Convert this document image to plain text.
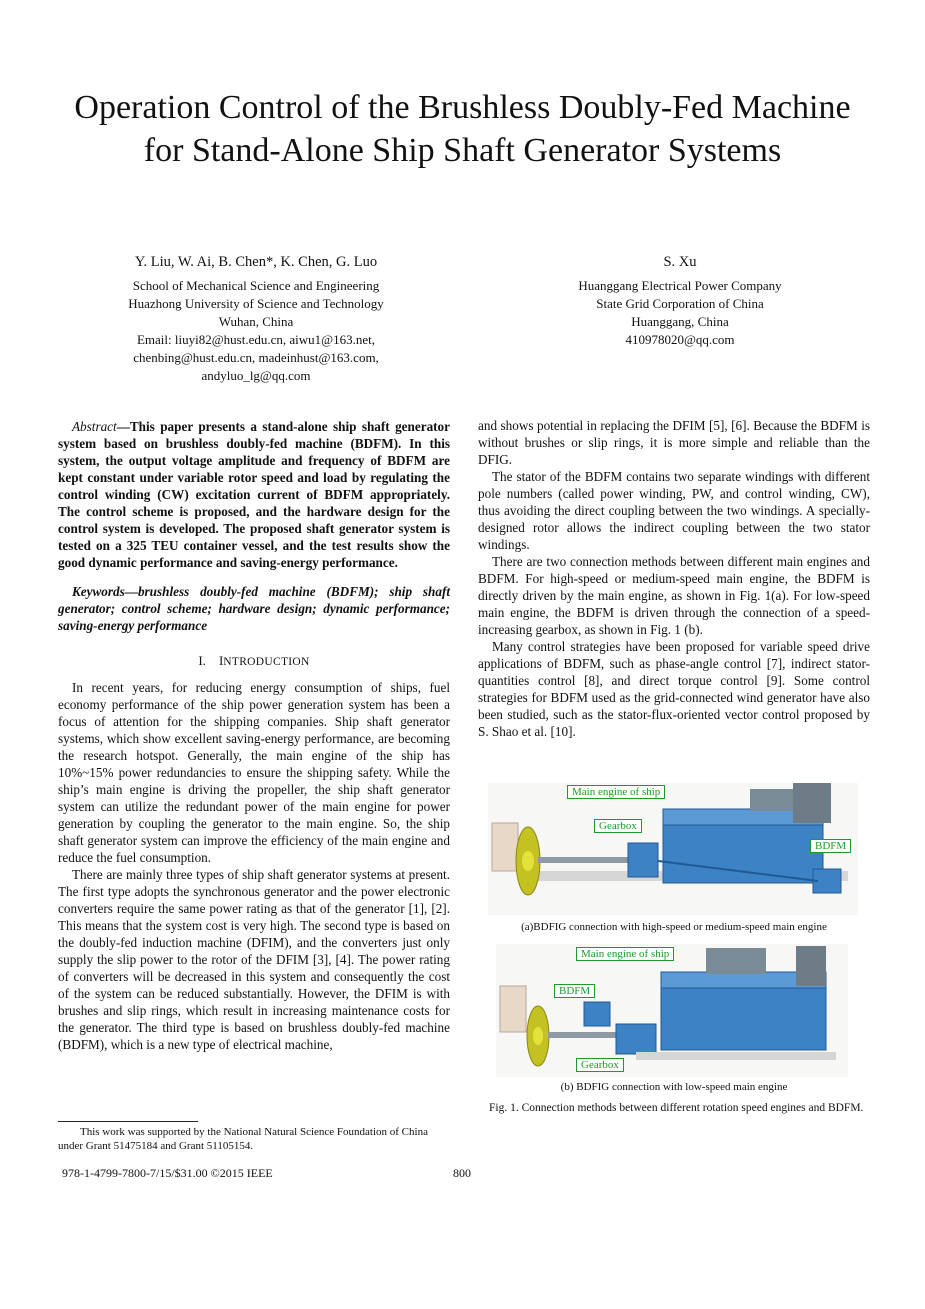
Operation Control of the Brushless Doubly-Fed Machine for Stand-Alone Ship Shaft Generator Systems
Y. Liu, W. Ai, B. Chen*, K. Chen, G. Luo
School of Mechanical Science and Engineering
Huazhong University of Science and Technology
Wuhan, China
Email: liuyi82@hust.edu.cn, aiwu1@163.net,
chenbing@hust.edu.cn, madeinhust@163.com,
andyluo_lg@qq.com
S. Xu
Huanggang Electrical Power Company
State Grid Corporation of China
Huanggang, China
410978020@qq.com

Abstract—This paper presents a stand-alone ship shaft generator system based on brushless doubly-fed machine (BDFM). In this system, the output voltage amplitude and frequency of BDFM are kept constant under variable rotor speed and load by regulating the control winding (CW) excitation current of BDFM appropriately. The control scheme is proposed, and the hardware design for the control system is developed. The proposed shaft generator system is tested on a 325 TEU container vessel, and the test results show the good dynamic performance and saving-energy performance.

Keywords—brushless doubly-fed machine (BDFM); ship shaft generator; control scheme; hardware design; dynamic performance; saving-energy performance

I. INTRODUCTION

In recent years, for reducing energy consumption of ships, fuel economy performance of the ship power generation system has been a focus of attention for the shipping companies. Ship shaft generator systems, which show excellent saving-energy performance, are becoming the research hotspot. Generally, the main engine of the ship has 10%~15% power redundancies to ensure the shipping safety. While the ship’s main engine is driving the propeller, the ship shaft generator system can utilize the redundant power of the main engine for power generation by coupling the generator to the main engine. So, the ship shaft generator system can improve the efficiency of the main engine and reduce the fuel consumption.

There are mainly three types of ship shaft generator systems at present. The first type adopts the synchronous generator and the power electronic converters require the same power rating as that of the generator [1], [2]. This means that the system cost is very high. The second type is based on the doubly-fed induction machine (DFIM), and the converters just only supply the slip power to the rotor of the DFIM [3], [4]. The power rating of converters will be decreased in this system and consequently the cost of the system can be reduced substantially. However, the DFIM is with brushes and slip rings, which result in increasing maintenance costs for the generator. The third type is based on brushless doubly-fed machine (BDFM), which is a new type of electrical machine,

and shows potential in replacing the DFIM [5], [6]. Because the BDFM is without brushes or slip rings, it is more simple and reliable than the DFIG.

The stator of the BDFM contains two separate windings with different pole numbers (called power winding, PW, and control winding, CW), thus avoiding the direct coupling between the two windings. A specially-designed rotor allows the indirect coupling between the two stator windings.

There are two connection methods between different main engines and BDFM. For high-speed or medium-speed main engine, the BDFM is directly driven by the main engine, as shown in Fig. 1(a). For low-speed main engine, the BDFM is driven through the connection of a speed-increasing gearbox, as shown in Fig. 1 (b).

Many control strategies have been proposed for variable speed drive applications of BDFM, such as phase-angle control [7], indirect stator-quantities control [8], and direct torque control [9]. Some control strategies for BDFM used as the grid-connected wind generator have also been studied, such as the stator-flux-oriented vector control proposed by S. Shao et al. [10].

Main engine of ship
Gearbox
BDFM
(a)BDFIG connection with high-speed or medium-speed main engine
Main engine of ship
BDFM
Gearbox
(b) BDFIG connection with low-speed main engine
Fig. 1. Connection methods between different rotation speed engines and BDFM.
This work was supported by the National Natural Science Foundation of China under Grant 51475184 and Grant 51105154.
978-1-4799-7800-7/15/$31.00 ©2015 IEEE	800
